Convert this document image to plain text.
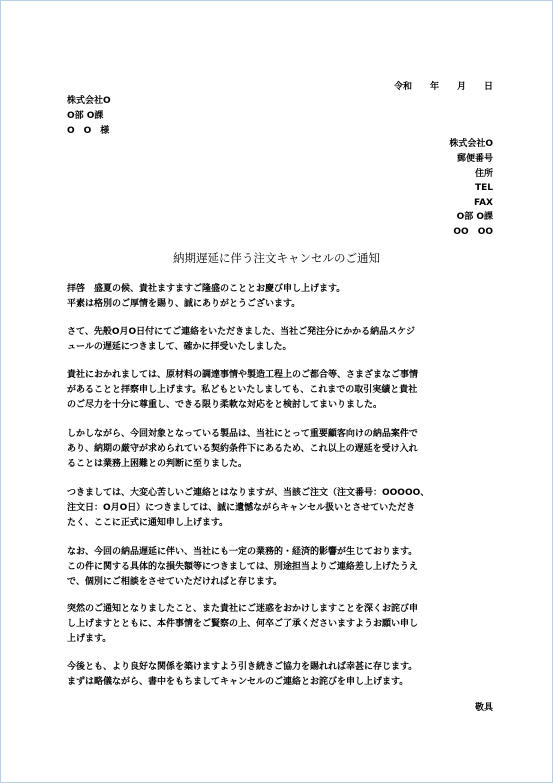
令和　　年　　月　　日

株式会社O

O部 O課

O　O　様

株式会社O

郵便番号

住所

TEL

FAX

O部 O課

OO　OO

納期遅延に伴う注文キャンセルのご通知
拝啓　盛夏の候、貴社ますますご隆盛のこととお慶び申し上げます。
平素は格別のご厚情を賜り、誠にありがとうございます。
さて、先般O月O日付にてご連絡をいただきました、当社ご発注分にかかる納品スケジ
ュールの遅延につきまして、確かに拝受いたしました。
貴社におかれましては、原材料の調達事情や製造工程上のご都合等、さまざまなご事情
があることと拝察申し上げます。私どもといたしましても、これまでの取引実績と貴社
のご尽力を十分に尊重し、できる限り柔軟な対応をと検討してまいりました。
しかしながら、今回対象となっている製品は、当社にとって重要顧客向けの納品案件で
あり、納期の厳守が求められている契約条件下にあるため、これ以上の遅延を受け入れ
ることは業務上困難との判断に至りました。
つきましては、大変心苦しいご連絡とはなりますが、当該ご注文（注文番号：OOOOO、
注文日：O月O日）につきましては、誠に遺憾ながらキャンセル扱いとさせていただき
たく、ここに正式に通知申し上げます。
なお、今回の納品遅延に伴い、当社にも一定の業務的・経済的影響が生じております。
この件に関する具体的な損失額等につきましては、別途担当よりご連絡差し上げたうえ
で、個別にご相談をさせていただければと存じます。
突然のご通知となりましたこと、また貴社にご迷惑をおかけしますことを深くお詫び申
し上げますとともに、本件事情をご賢察の上、何卒ご了承くださいますようお願い申し
上げます。
今後とも、より良好な関係を築けますよう引き続きご協力を賜れれば幸甚に存じます。
まずは略儀ながら、書中をもちましてキャンセルのご連絡とお詫びを申し上げます。

敬具
